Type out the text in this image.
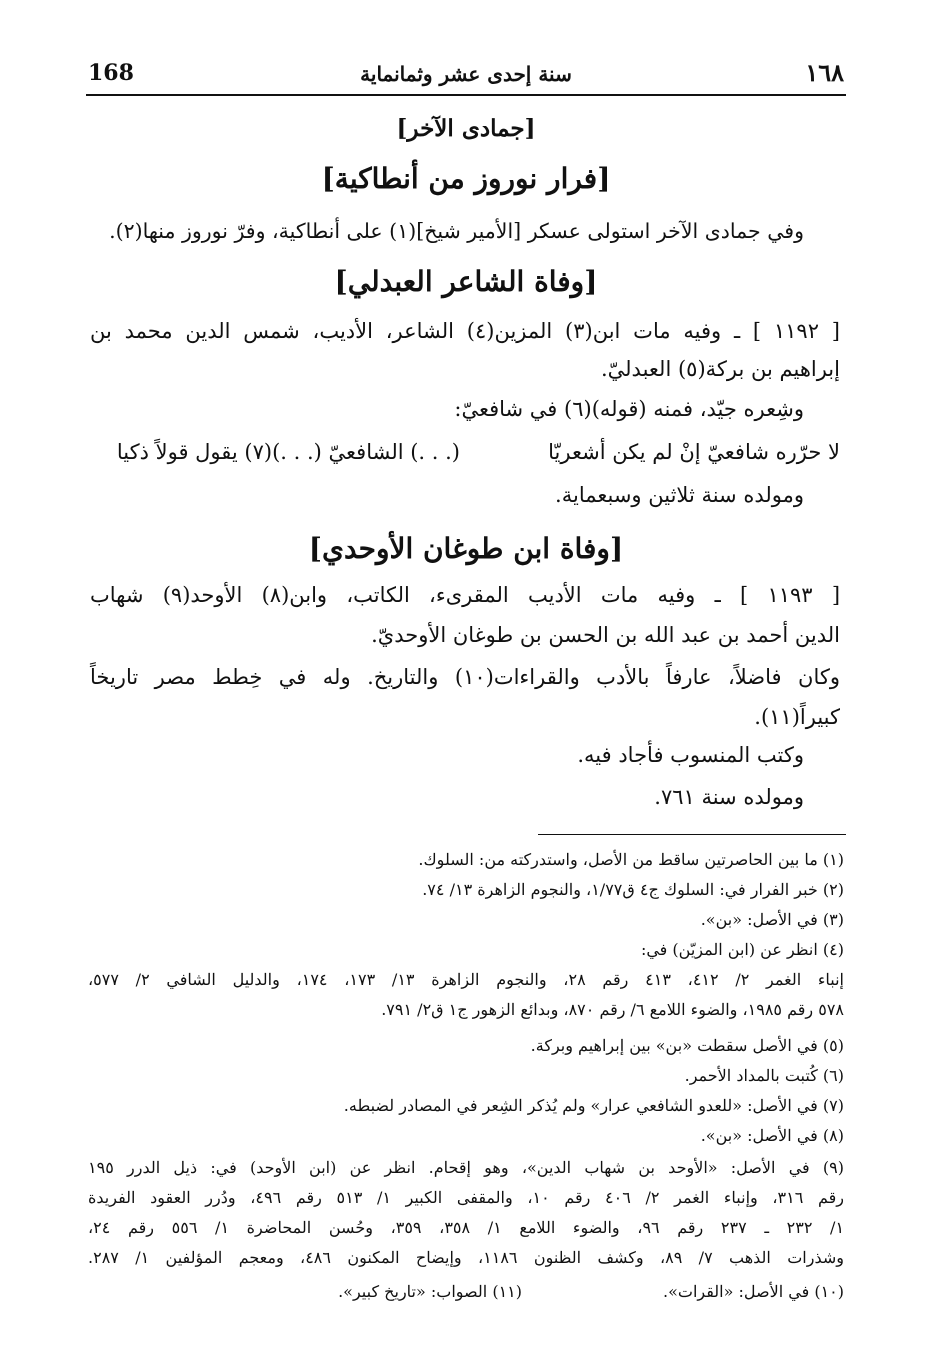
168	سنة إحدى عشر وثمانماية	١٦٨
[جمادى الآخر]
[فرار نوروز من أنطاكية]
وفي جمادى الآخر استولى عسكر [الأمير شيخ](١) على أنطاكية، وفرّ نوروز منها(٢).
[وفاة الشاعر العبدلي]
[ ١١٩٢ ] ـ وفيه مات ابن(٣) المزين(٤) الشاعر، الأديب، شمس الدين محمد بن
إبراهيم بن بركة(٥) العبدليّ.
وشِعره جيّد، فمنه (قوله)(٦) في شافعيّ:
لا حرّره شافعيّ إنْ لم يكن أشعريّا
(. . .) الشافعيّ (. . .)(٧) يقول قولاً ذكيا
ومولده سنة ثلاثين وسبعماية.
[وفاة ابن طوغان الأوحدي]
[ ١١٩٣ ] ـ وفيه مات الأديب المقرىء، الكاتب، وابن(٨) الأوحد(٩) شهاب
الدين أحمد بن عبد الله بن الحسن بن طوغان الأوحديّ.
وكان فاضلاً، عارفاً بالأدب والقراءات(١٠) والتاريخ. وله في خِطط مصر تاريخاً
كبيراً(١١).
وكتب المنسوب فأجاد فيه.
ومولده سنة ٧٦١.
(١) ما بين الحاصرتين ساقط من الأصل، واستدركته من: السلوك.
(٢) خبر الفرار في: السلوك ج٤ ق١/٧٧، والنجوم الزاهرة ١٣/ ٧٤.
(٣) في الأصل: «بن».
(٤) انظر عن (ابن المزيّن) في:
إنباء الغمر ٢/ ٤١٢، ٤١٣ رقم ٢٨، والنجوم الزاهرة ١٣/ ١٧٣، ١٧٤، والدليل الشافي ٢/ ٥٧٧،
٥٧٨ رقم ١٩٨٥، والضوء اللامع ٦/ رقم ٨٧٠، وبدائع الزهور ج١ ق٢/ ٧٩١.
(٥) في الأصل سقطت «بن» بين إبراهيم وبركة.
(٦) كُتبت بالمداد الأحمر.
(٧) في الأصل: «للعدو الشافعي عرار» ولم يُذكر الشِعر في المصادر لضبطه.
(٨) في الأصل: «بن».
(٩) في الأصل: «الأوحد بن شهاب الدين»، وهو إقحام. انظر عن (ابن الأوحد) في: ذيل الدرر ١٩٥
رقم ٣١٦، وإنباء الغمر ٢/ ٤٠٦ رقم ١٠، والمقفى الكبير ١/ ٥١٣ رقم ٤٩٦، ودُرر العقود الفريدة
١/ ٢٣٢ ـ ٢٣٧ رقم ٩٦، والضوء اللامع ١/ ٣٥٨، ٣٥٩، وحُسن المحاضرة ١/ ٥٥٦ رقم ٢٤،
وشذرات الذهب ٧/ ٨٩، وكشف الظنون ١١٨٦، وإيضاح المكنون ٤٨٦، ومعجم المؤلفين ١/ ٢٨٧.
(١٠) في الأصل: «القرات».
(١١) الصواب: «تاريخ كبير».
